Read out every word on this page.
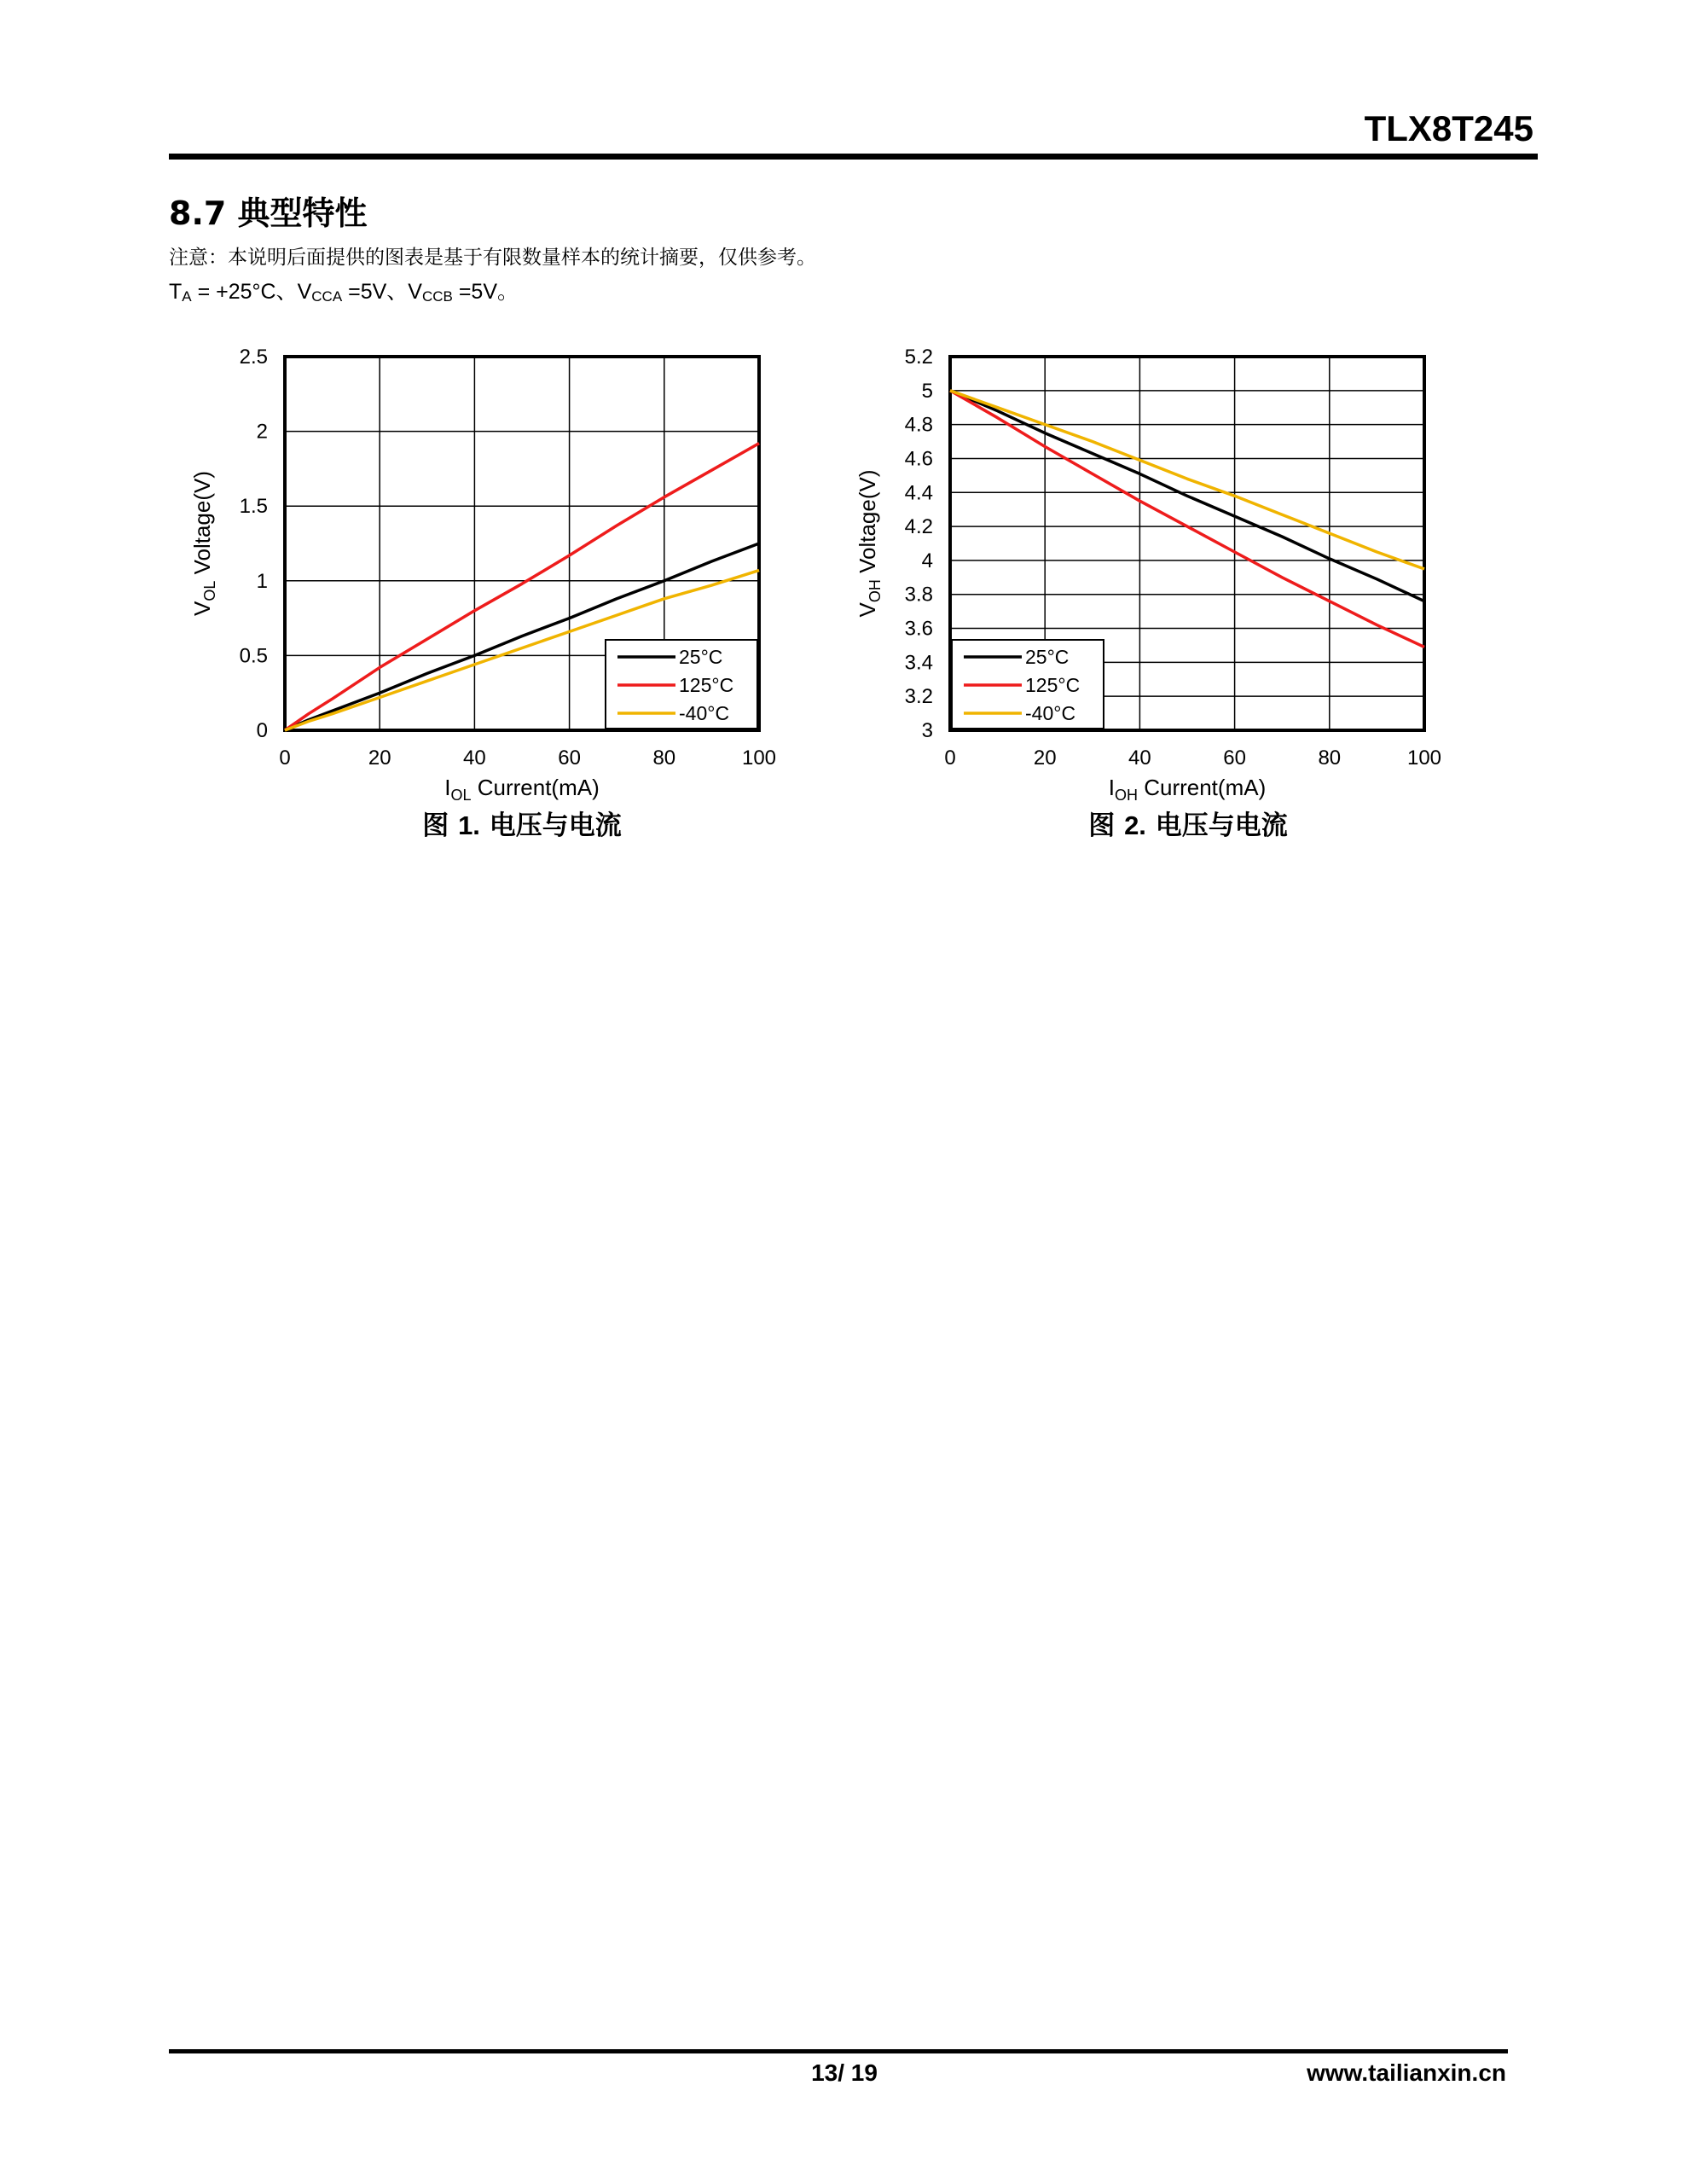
TLX8T245
8.7 典型特性
注意：本说明后面提供的图表是基于有限数量样本的统计摘要，仅供参考。
$T_A = +25^\circ C$、$V_{CCA} =5V$、$V_{CCB} =5V$。
0	20	40	60	80	100
0
0.5
1
1.5
2
2.5
25°C
125°C
-40°C
$I_{OL}$ Current(mA)
$V_{OL}$ Voltage(V)
0	20	40	60	80	100
3
3.2
3.4
3.6
3.8
4
4.2
4.4
4.6
4.8
5
5.2
25°C
125°C
-40°C
$I_{OH}$ Current(mA)
$V_{OH}$ Voltage(V)
图 1. 电压与电流	图 2. 电压与电流
13/ 19	www.tailianxin.cn
